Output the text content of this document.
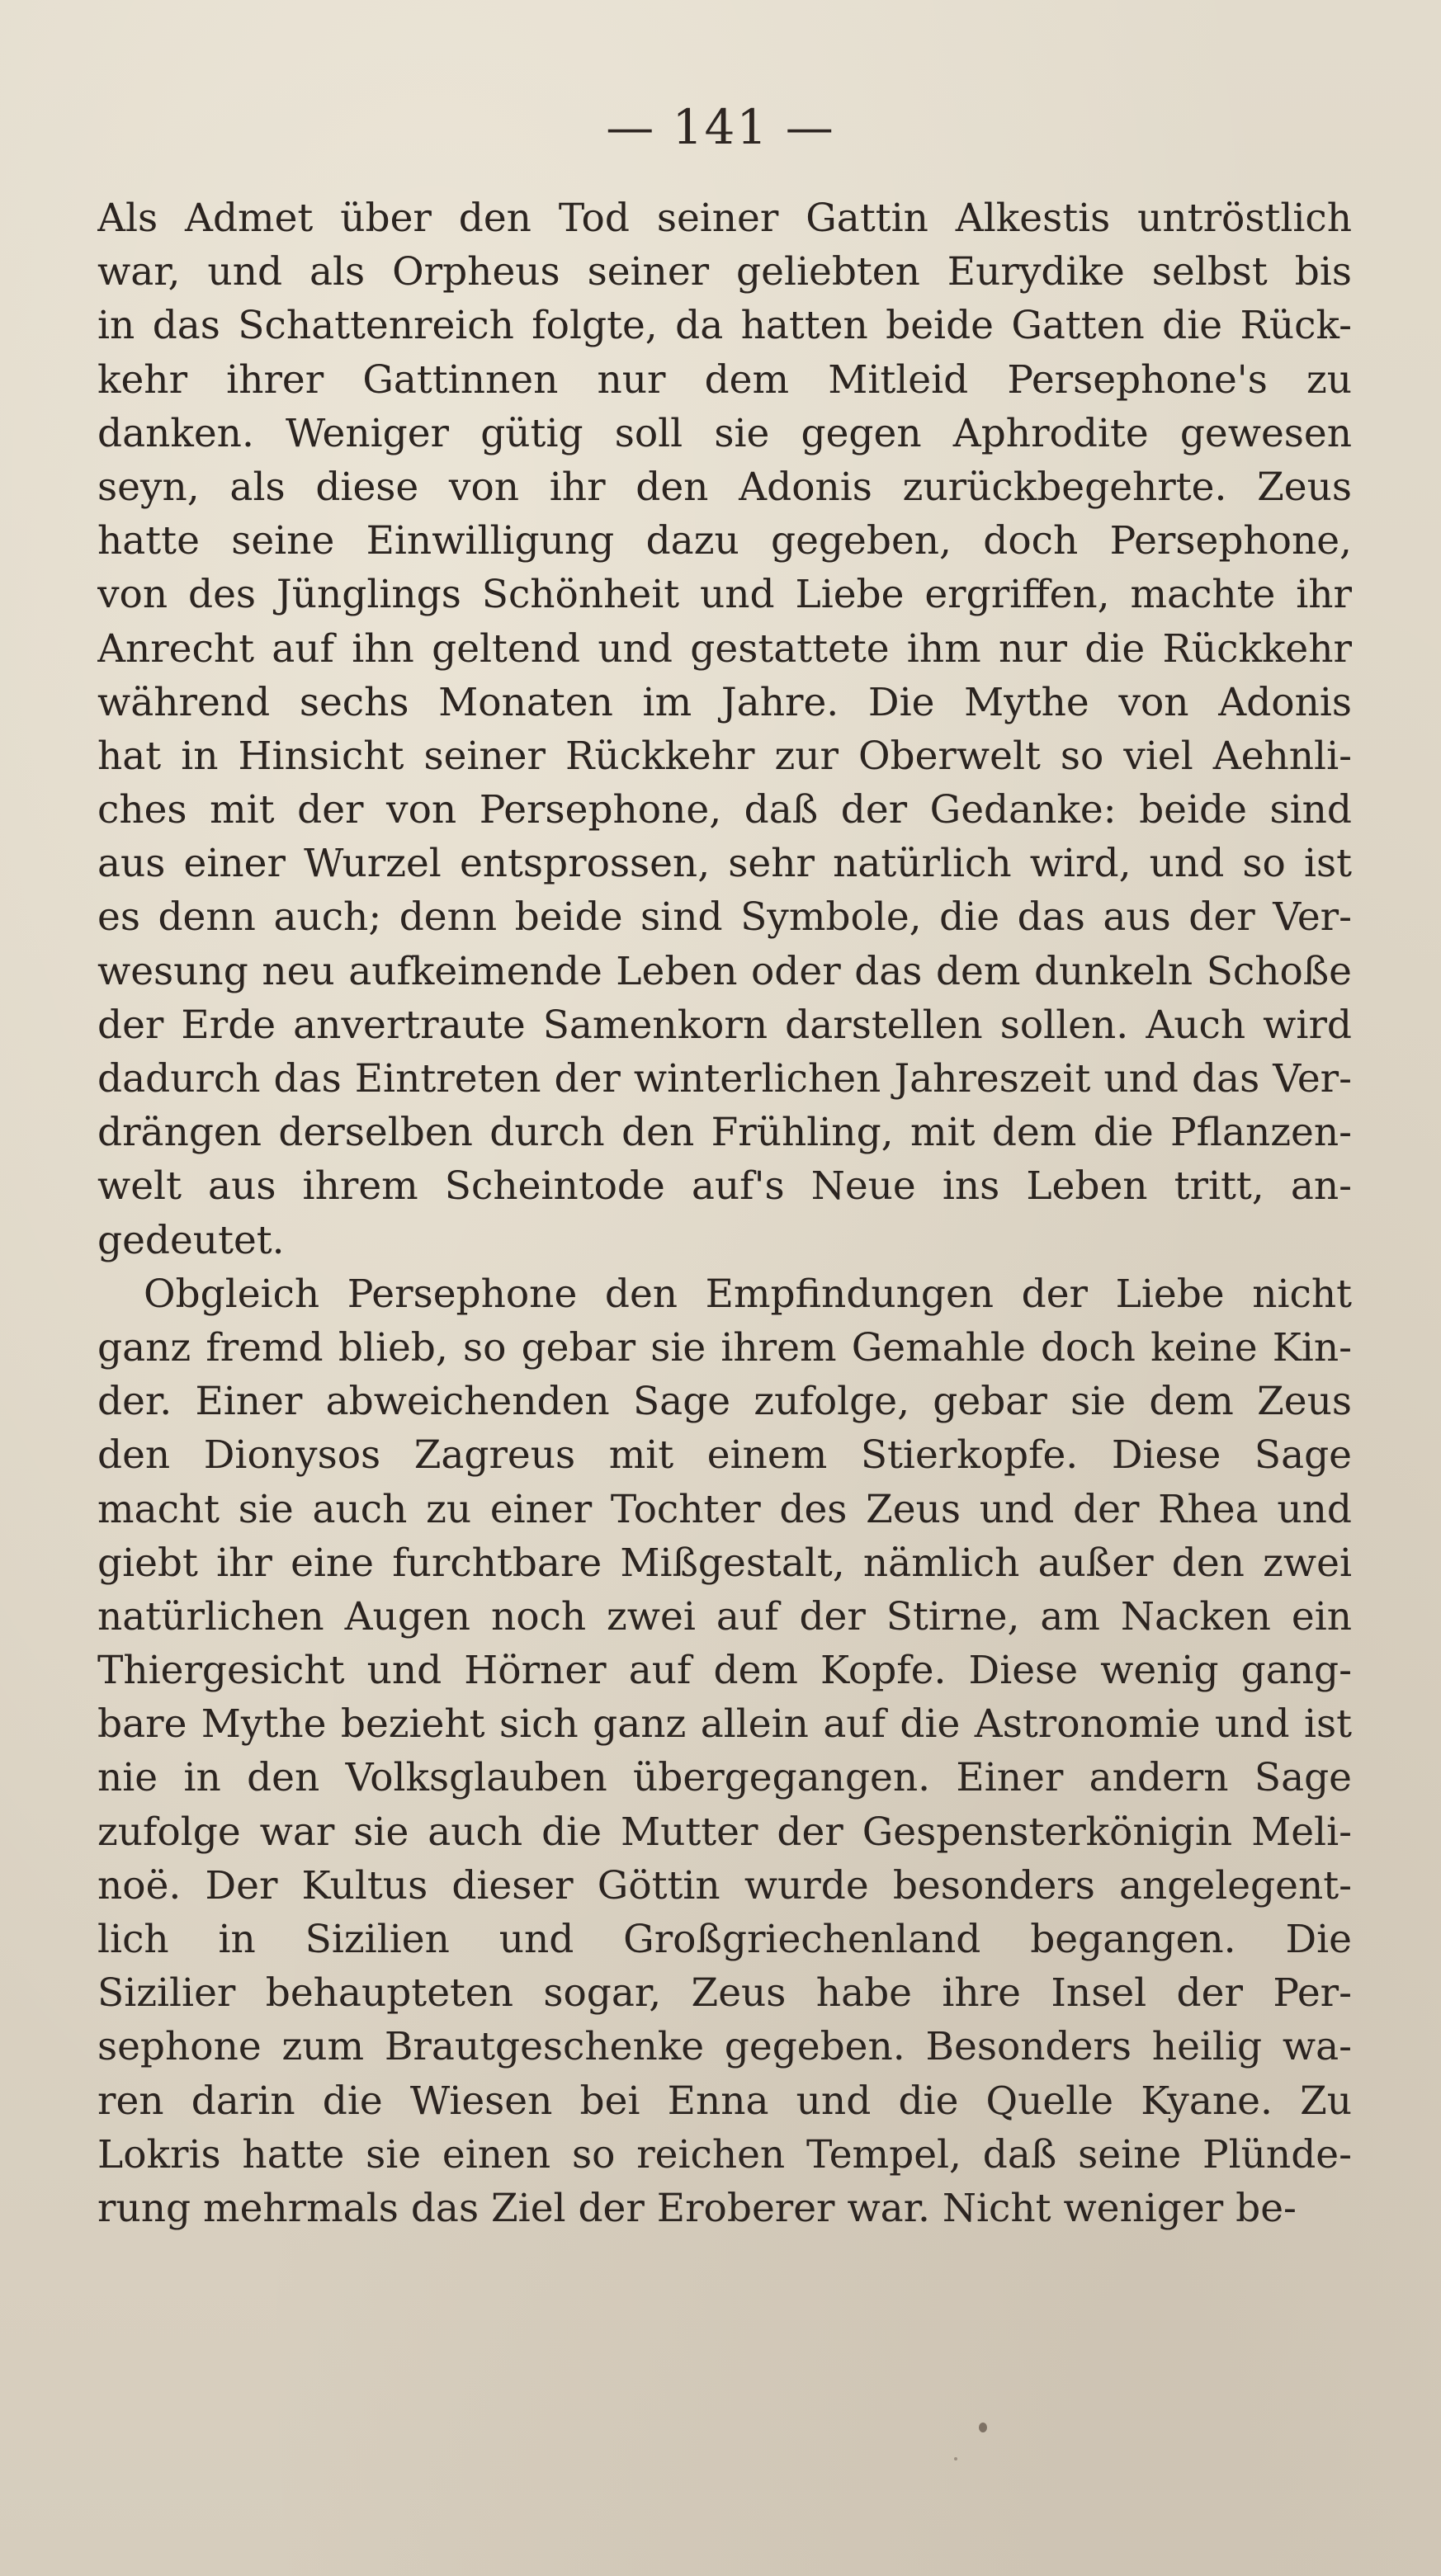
— 141 —
Als Admet über den Tod seiner Gattin Alkestis untröstlich
war, und als Orpheus seiner geliebten Eurydike selbst bis
in das Schattenreich folgte, da hatten beide Gatten die Rück-
kehr ihrer Gattinnen nur dem Mitleid Persephone's zu
danken. Weniger gütig soll sie gegen Aphrodite gewesen
seyn, als diese von ihr den Adonis zurückbegehrte. Zeus
hatte seine Einwilligung dazu gegeben, doch Persephone,
von des Jünglings Schönheit und Liebe ergriffen, machte ihr
Anrecht auf ihn geltend und gestattete ihm nur die Rückkehr
während sechs Monaten im Jahre. Die Mythe von Adonis
hat in Hinsicht seiner Rückkehr zur Oberwelt so viel Aehnli-
ches mit der von Persephone, daß der Gedanke: beide sind
aus einer Wurzel entsprossen, sehr natürlich wird, und so ist
es denn auch; denn beide sind Symbole, die das aus der Ver-
wesung neu aufkeimende Leben oder das dem dunkeln Schoße
der Erde anvertraute Samenkorn darstellen sollen. Auch wird
dadurch das Eintreten der winterlichen Jahreszeit und das Ver-
drängen derselben durch den Frühling, mit dem die Pflanzen-
welt aus ihrem Scheintode auf's Neue ins Leben tritt, an-
gedeutet.
Obgleich Persephone den Empfindungen der Liebe nicht
ganz fremd blieb, so gebar sie ihrem Gemahle doch keine Kin-
der. Einer abweichenden Sage zufolge, gebar sie dem Zeus
den Dionysos Zagreus mit einem Stierkopfe. Diese Sage
macht sie auch zu einer Tochter des Zeus und der Rhea und
giebt ihr eine furchtbare Mißgestalt, nämlich außer den zwei
natürlichen Augen noch zwei auf der Stirne, am Nacken ein
Thiergesicht und Hörner auf dem Kopfe. Diese wenig gang-
bare Mythe bezieht sich ganz allein auf die Astronomie und ist
nie in den Volksglauben übergegangen. Einer andern Sage
zufolge war sie auch die Mutter der Gespensterkönigin Meli-
noë. Der Kultus dieser Göttin wurde besonders angelegent-
lich in Sizilien und Großgriechenland begangen. Die
Sizilier behaupteten sogar, Zeus habe ihre Insel der Per-
sephone zum Brautgeschenke gegeben. Besonders heilig wa-
ren darin die Wiesen bei Enna und die Quelle Kyane. Zu
Lokris hatte sie einen so reichen Tempel, daß seine Plünde-
rung mehrmals das Ziel der Eroberer war. Nicht weniger be-
